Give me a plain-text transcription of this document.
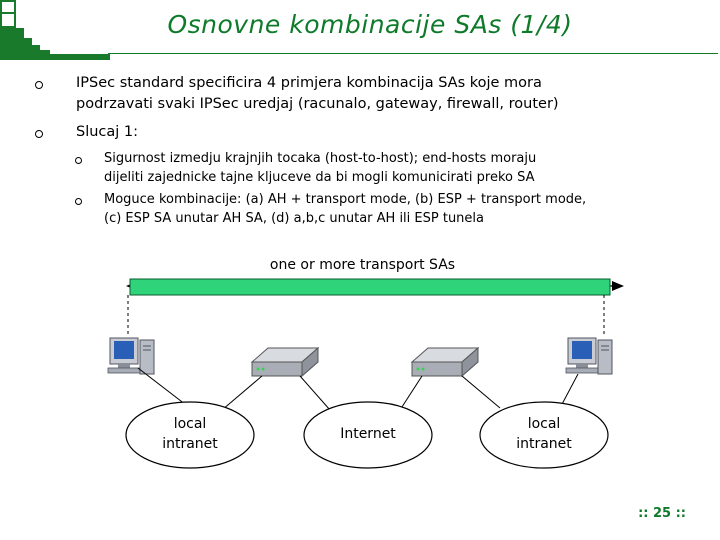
Osnovne kombinacije SAs (1/4)
IPSec standard specificira 4 primjera kombinacija SAs koje mora
podrzavati svaki IPSec uredjaj (racunalo, gateway, firewall, router)
Slucaj 1:
Sigurnost izmedju krajnjih tocaka (host-to-host); end-hosts moraju
dijeliti zajednicke tajne kljuceve da bi mogli komunicirati preko SA
Moguce kombinacije: (a) AH + transport mode, (b) ESP + transport mode,
(c) ESP SA unutar AH SA, (d) a,b,c unutar AH ili ESP tunela
one or more transport SAs
local
intranet
Internet
local
intranet
:: 25 ::
